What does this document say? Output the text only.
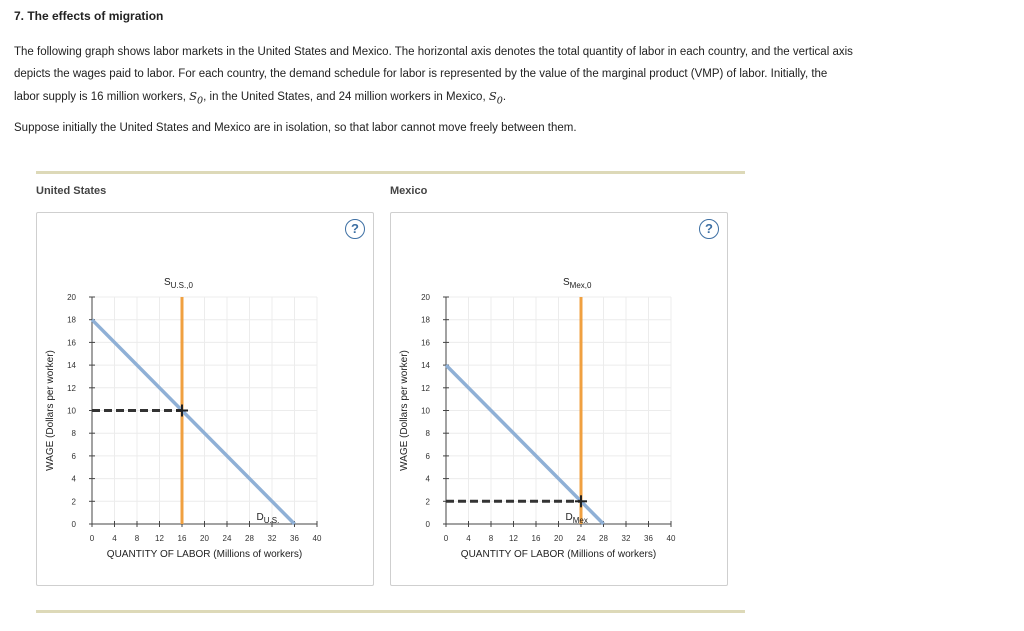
7. The effects of migration
The following graph shows labor markets in the United States and Mexico. The horizontal axis denotes the total quantity of labor in each country, and the vertical axis depicts the wages paid to labor. For each country, the demand schedule for labor is represented by the value of the marginal product (VMP) of labor. Initially, the labor supply is 16 million workers, $S_0$, in the United States, and 24 million workers in Mexico, $S_0$.
Suppose initially the United States and Mexico are in isolation, so that labor cannot move freely between them.
United States	Mexico
?
0 4 8 12 16 20 24 28 32 36 40
0
2
4
6
8
10
12
14
16
18
20
QUANTITY OF LABOR (Millions of workers)
WAGE (Dollars per worker)
$S_{U.S.,0}$
$D_{U.S.}$
?
0 4 8 12 16 20 24 28 32 36 40
0
2
4
6
8
10
12
14
16
18
20
QUANTITY OF LABOR (Millions of workers)
WAGE (Dollars per worker)
$S_{Mex,0}$
$D_{Mex}$
